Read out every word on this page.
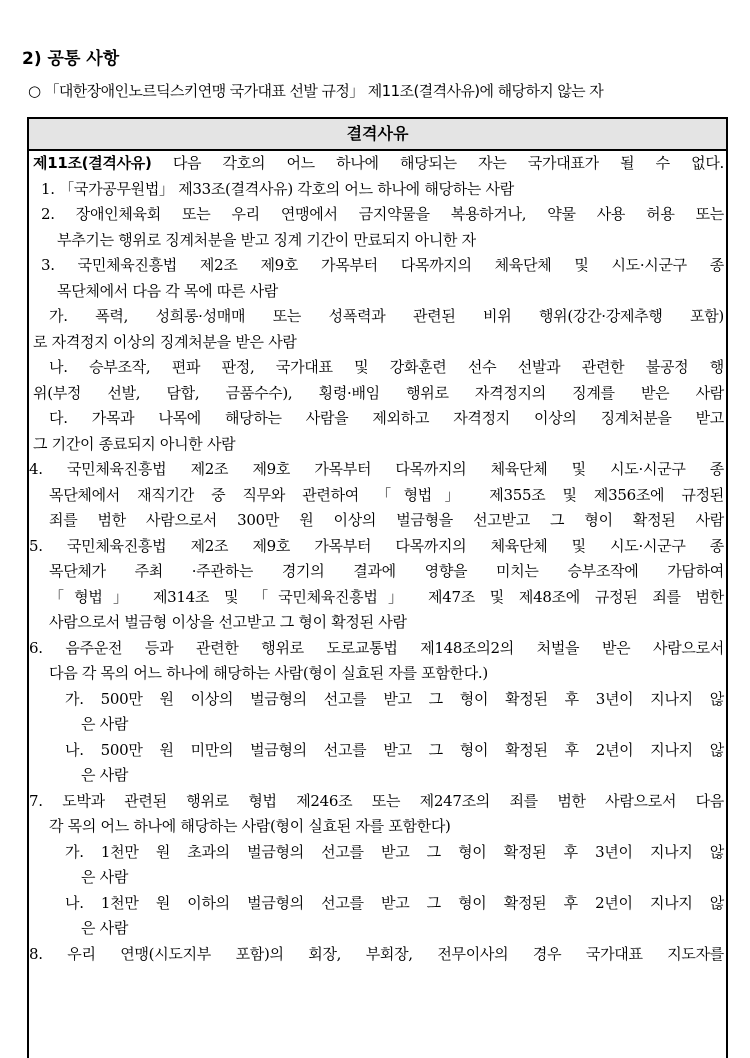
2) 공통 사항
○ 「대한장애인노르딕스키연맹 국가대표 선발 규정」 제11조(결격사유)에 해당하지 않는 자
결격사유
제11조(결격사유) 다음 각호의 어느 하나에 해당되는 자는 국가대표가 될 수 없다.
1. 「국가공무원법」 제33조(결격사유) 각호의 어느 하나에 해당하는 사람
2. 장애인체육회 또는 우리 연맹에서 금지약물을 복용하거나, 약물 사용 허용 또는
부추기는 행위로 징계처분을 받고 징계 기간이 만료되지 아니한 자
3. 국민체육진흥법 제2조 제9호 가목부터 다목까지의 체육단체 및 시도·시군구 종
목단체에서 다음 각 목에 따른 사람
가. 폭력, 성희롱·성매매 또는 성폭력과 관련된 비위 행위(강간·강제추행 포함)
로 자격정지 이상의 징계처분을 받은 사람
나. 승부조작, 편파 판정, 국가대표 및 강화훈련 선수 선발과 관련한 불공정 행
위(부정 선발, 담합, 금품수수), 횡령·배임 행위로 자격정지의 징계를 받은 사람
다. 가목과 나목에 해당하는 사람을 제외하고 자격정지 이상의 징계처분을 받고
그 기간이 종료되지 아니한 사람
4. 국민체육진흥법 제2조 제9호 가목부터 다목까지의 체육단체 및 시도·시군구 종
목단체에서 재직기간 중 직무와 관련하여 「형법」 제355조 및 제356조에 규정된
죄를 범한 사람으로서 300만 원 이상의 벌금형을 선고받고 그 형이 확정된 사람
5. 국민체육진흥법 제2조 제9호 가목부터 다목까지의 체육단체 및 시도·시군구 종
목단체가 주최 ·주관하는 경기의 결과에 영향을 미치는 승부조작에 가담하여
「형법」 제314조 및 「국민체육진흥법」 제47조 및 제48조에 규정된 죄를 범한
사람으로서 벌금형 이상을 선고받고 그 형이 확정된 사람
6. 음주운전 등과 관련한 행위로 도로교통법 제148조의2의 처벌을 받은 사람으로서
다음 각 목의 어느 하나에 해당하는 사람(형이 실효된 자를 포함한다.)
가. 500만 원 이상의 벌금형의 선고를 받고 그 형이 확정된 후 3년이 지나지 않
은 사람
나. 500만 원 미만의 벌금형의 선고를 받고 그 형이 확정된 후 2년이 지나지 않
은 사람
7. 도박과 관련된 행위로 형법 제246조 또는 제247조의 죄를 범한 사람으로서 다음
각 목의 어느 하나에 해당하는 사람(형이 실효된 자를 포함한다)
가. 1천만 원 초과의 벌금형의 선고를 받고 그 형이 확정된 후 3년이 지나지 않
은 사람
나. 1천만 원 이하의 벌금형의 선고를 받고 그 형이 확정된 후 2년이 지나지 않
은 사람
8. 우리 연맹(시도지부 포함)의 회장, 부회장, 전무이사의 경우 국가대표 지도자를
